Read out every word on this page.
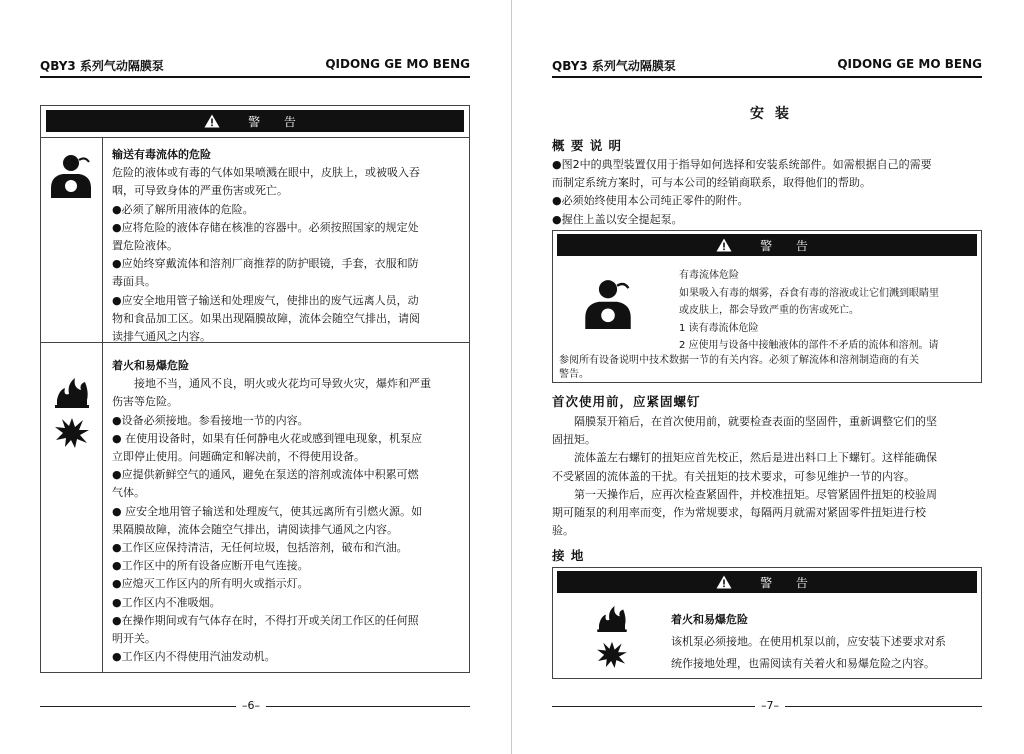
QBY3 系列气动隔膜泵	QIDONG GE MO BENG
警 告

输送有毒流体的危险

危险的液体或有毒的气体如果喷溅在眼中，皮肤上，或被吸入吞

咽，可导致身体的严重伤害或死亡。

●必须了解所用液体的危险。

●应将危险的液体存储在核准的容器中。必须按照国家的规定处

置危险液体。

●应始终穿戴流体和溶剂厂商推荐的防护眼镜，手套，衣服和防

毒面具。

●应安全地用管子输送和处理废气，使排出的废气远离人员，动

物和食品加工区。如果出现隔膜故障，流体会随空气排出，请阅

读排气通风之内容。

着火和易爆危险

接地不当，通风不良，明火或火花均可导致火灾，爆炸和严重

伤害等危险。

●设备必须接地。参看接地一节的内容。

● 在使用设备时，如果有任何静电火花或感到锂电现象，机泵应

立即停止使用。问题确定和解决前，不得使用设备。

●应提供新鲜空气的通风，避免在泵送的溶剂或流体中积累可燃

气体。

● 应安全地用管子输送和处理废气，使其远离所有引燃火源。如

果隔膜故障，流体会随空气排出，请阅读排气通风之内容。

●工作区应保持清洁，无任何垃圾，包括溶剂，破布和汽油。

●工作区中的所有设备应断开电气连接。

●应熄灭工作区内的所有明火或指示灯。

●工作区内不准吸烟。

●在操作期间或有气体存在时，不得打开或关闭工作区的任何照

明开关。

●工作区内不得使用汽油发动机。

–6–
QBY3 系列气动隔膜泵	QIDONG GE MO BENG
安 装
概 要 说 明

●图2中的典型装置仅用于指导如何选择和安装系统部件。如需根据自己的需要

而制定系统方案时，可与本公司的经销商联系，取得他们的帮助。

●必须始终使用本公司纯正零件的附件。

●握住上盖以安全提起泵。

警 告

有毒流体危险

如果吸入有毒的烟雾，吞食有毒的溶液或让它们溅到眼睛里

或皮肤上，都会导致严重的伤害或死亡。

1 读有毒流体危险

2 应使用与设备中接触液体的部件不矛盾的流体和溶剂。请

参阅所有设备说明中技术数据一节的有关内容。必须了解流体和溶剂制造商的有关

警告。

首次使用前，应紧固螺钉

隔膜泵开箱后，在首次使用前，就要检查表面的坚固件，重新调整它们的坚

固扭矩。

流体盖左右螺钉的扭矩应首先校正，然后是进出料口上下螺钉。这样能确保

不受紧固的流体盖的干扰。有关扭矩的技术要求，可参见维护一节的内容。

第一天操作后，应再次检查紧固件，并校准扭矩。尽管紧固件扭矩的校验周

期可随泵的利用率而变，作为常规要求，每隔两月就需对紧固零件扭矩进行校

验。

接 地
警 告

着火和易爆危险

该机泵必须接地。在使用机泵以前，应安装下述要求对系

统作接地处理，也需阅读有关着火和易爆危险之内容。

–7–
